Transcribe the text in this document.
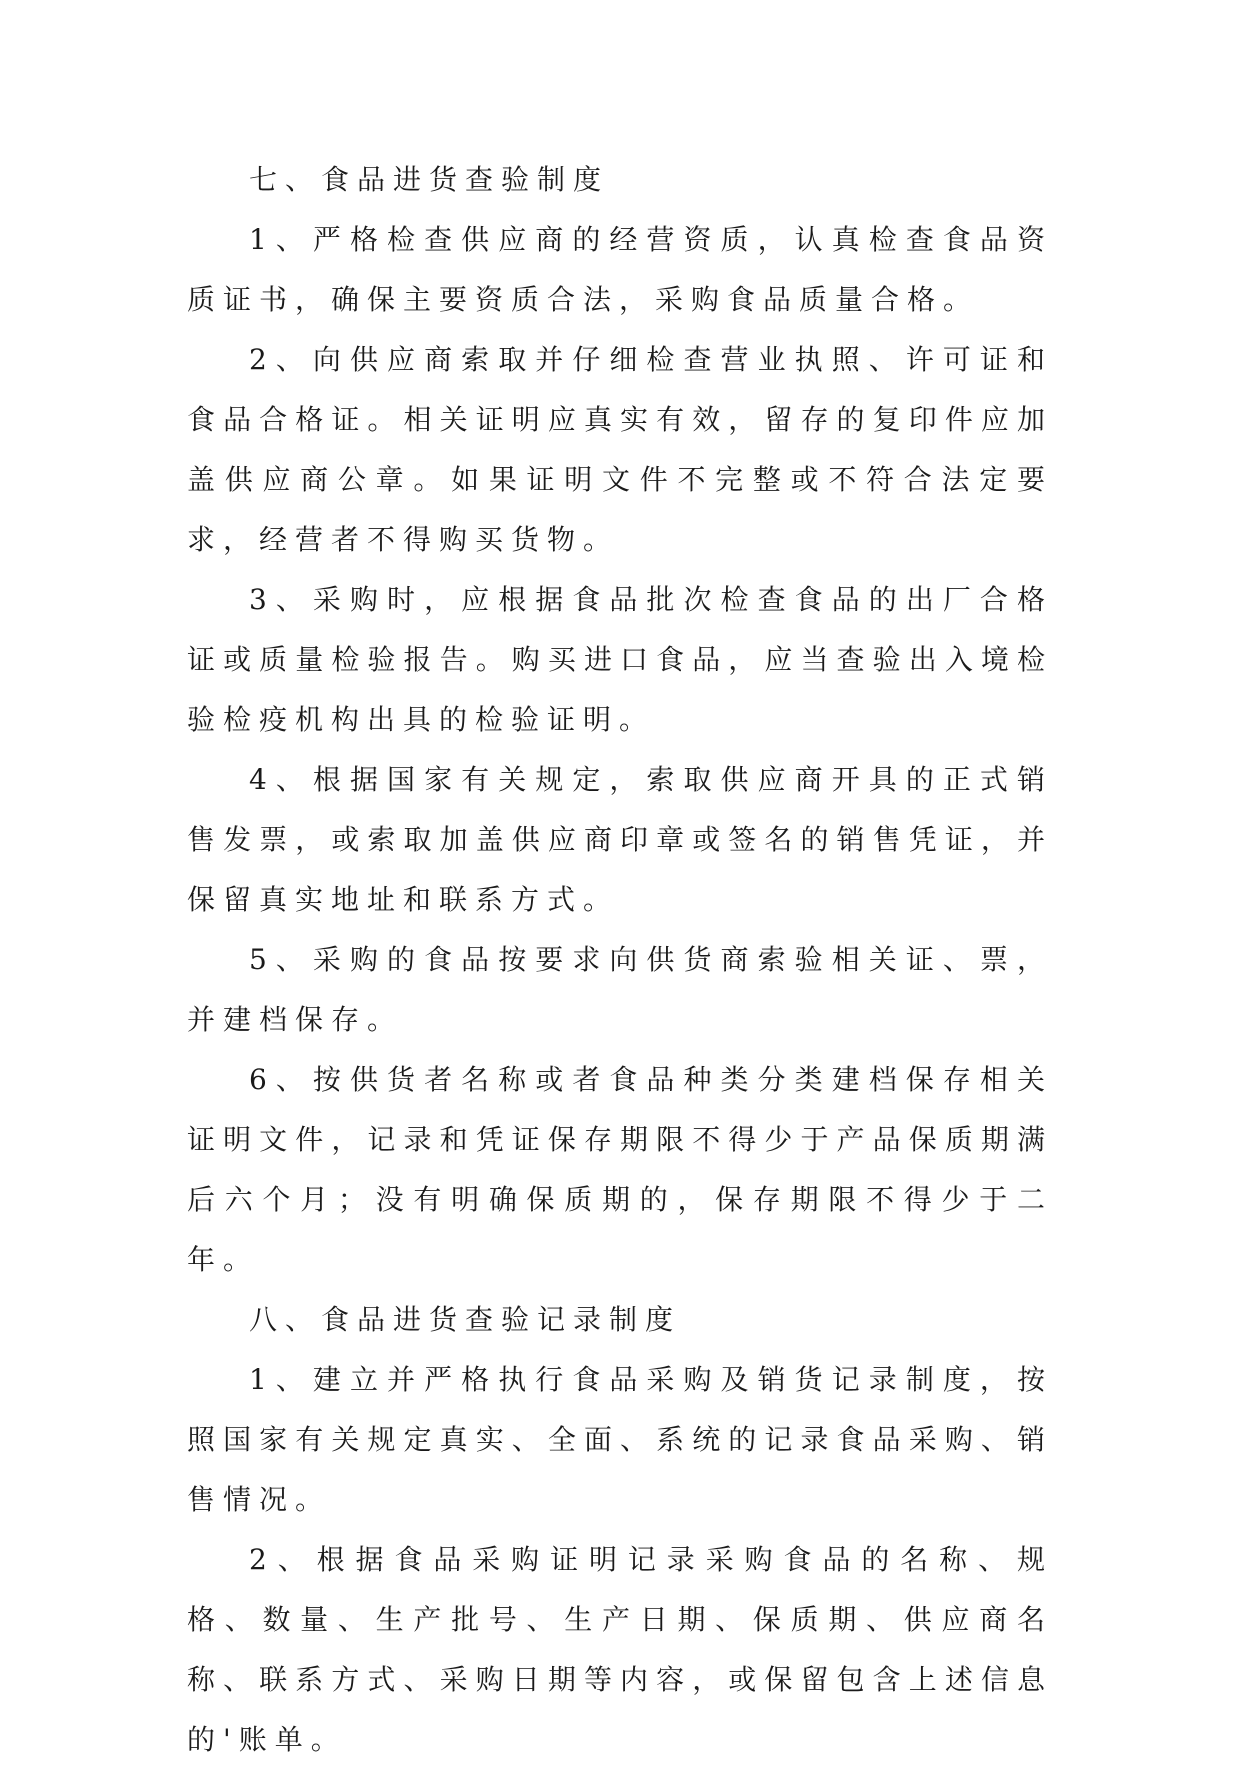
七、食品进货查验制度

1、严格检查供应商的经营资质，认真检查食品资质证书，确保主要资质合法，采购食品质量合格。

2、向供应商索取并仔细检查营业执照、许可证和食品合格证。相关证明应真实有效，留存的复印件应加盖供应商公章。如果证明文件不完整或不符合法定要求，经营者不得购买货物。

3、采购时，应根据食品批次检查食品的出厂合格证或质量检验报告。购买进口食品，应当查验出入境检验检疫机构出具的检验证明。

4、根据国家有关规定，索取供应商开具的正式销售发票，或索取加盖供应商印章或签名的销售凭证，并保留真实地址和联系方式。

5、采购的食品按要求向供货商索验相关证、票，并建档保存。

6、按供货者名称或者食品种类分类建档保存相关证明文件，记录和凭证保存期限不得少于产品保质期满后六个月；没有明确保质期的，保存期限不得少于二年。

八、食品进货查验记录制度

1、建立并严格执行食品采购及销货记录制度，按照国家有关规定真实、全面、系统的记录食品采购、销售情况。

2、根据食品采购证明记录采购食品的名称、规格、数量、生产批号、生产日期、保质期、供应商名称、联系方式、采购日期等内容，或保留包含上述信息的'账单。
